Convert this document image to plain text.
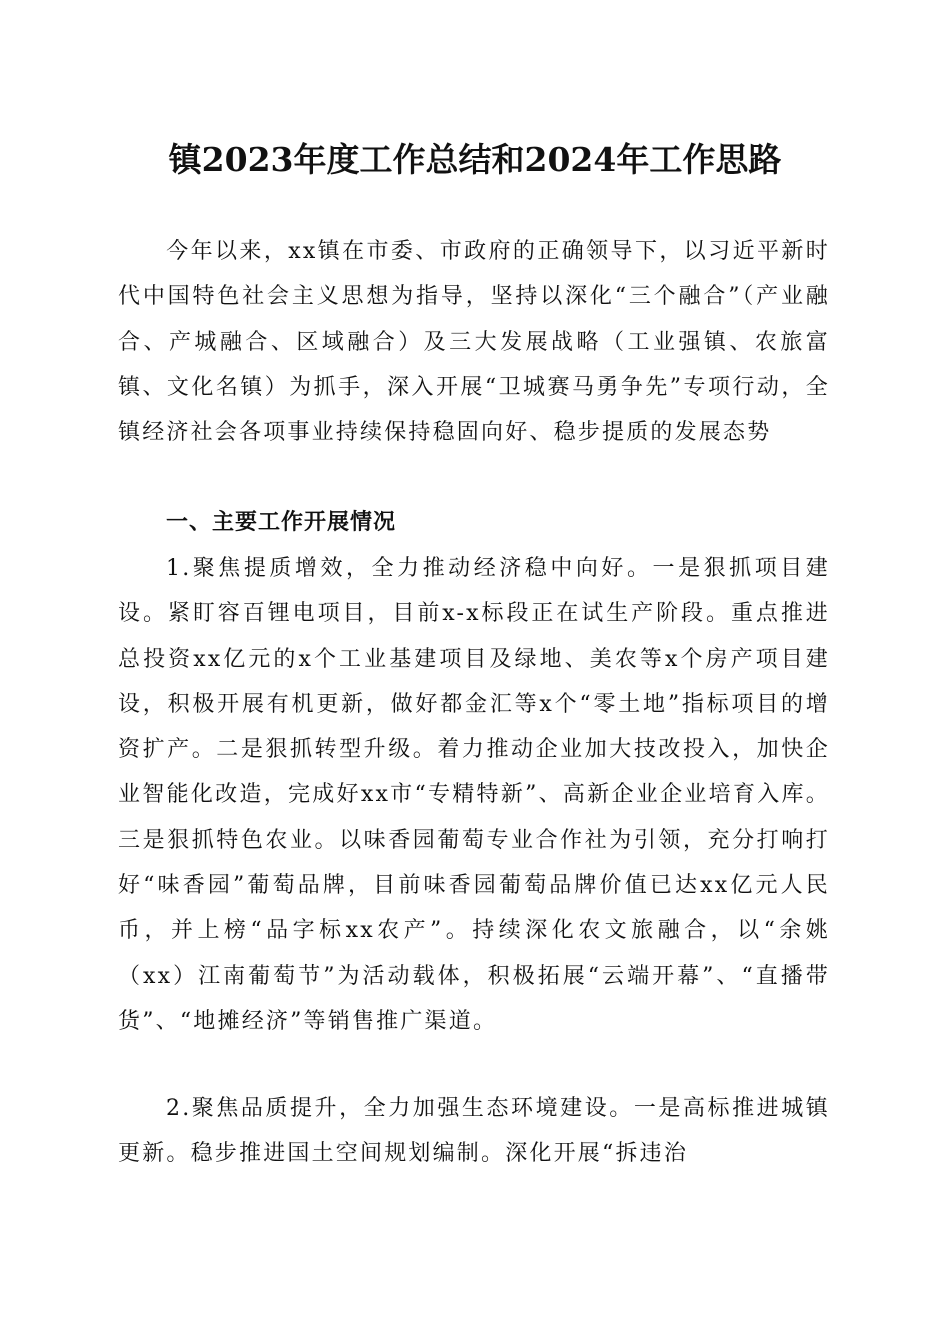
镇2023年度工作总结和2024年工作思路

今年以来，xx镇在市委、市政府的正确领导下，以习近平新时代中国特色社会主义思想为指导，坚持以深化“三个融合”（产业融合、产城融合、区域融合）及三大发展战略（工业强镇、农旅富镇、文化名镇）为抓手，深入开展“卫城赛马勇争先”专项行动，全镇经济社会各项事业持续保持稳固向好、稳步提质的发展态势

一、主要工作开展情况

1.聚焦提质增效，全力推动经济稳中向好。一是狠抓项目建设。紧盯容百锂电项目，目前x-x标段正在试生产阶段。重点推进总投资xx亿元的x个工业基建项目及绿地、美农等x个房产项目建设，积极开展有机更新，做好都金汇等x个“零土地”指标项目的增资扩产。二是狠抓转型升级。着力推动企业加大技改投入，加快企业智能化改造，完成好xx市“专精特新”、高新企业企业培育入库。三是狠抓特色农业。以味香园葡萄专业合作社为引领，充分打响打好“味香园”葡萄品牌，目前味香园葡萄品牌价值已达xx亿元人民币，并上榜“品字标xx农产”。持续深化农文旅融合，以“余姚（xx）江南葡萄节”为活动载体，积极拓展“云端开幕”、“直播带货”、“地摊经济”等销售推广渠道。

2.聚焦品质提升，全力加强生态环境建设。一是高标推进城镇更新。稳步推进国土空间规划编制。深化开展“拆违治
